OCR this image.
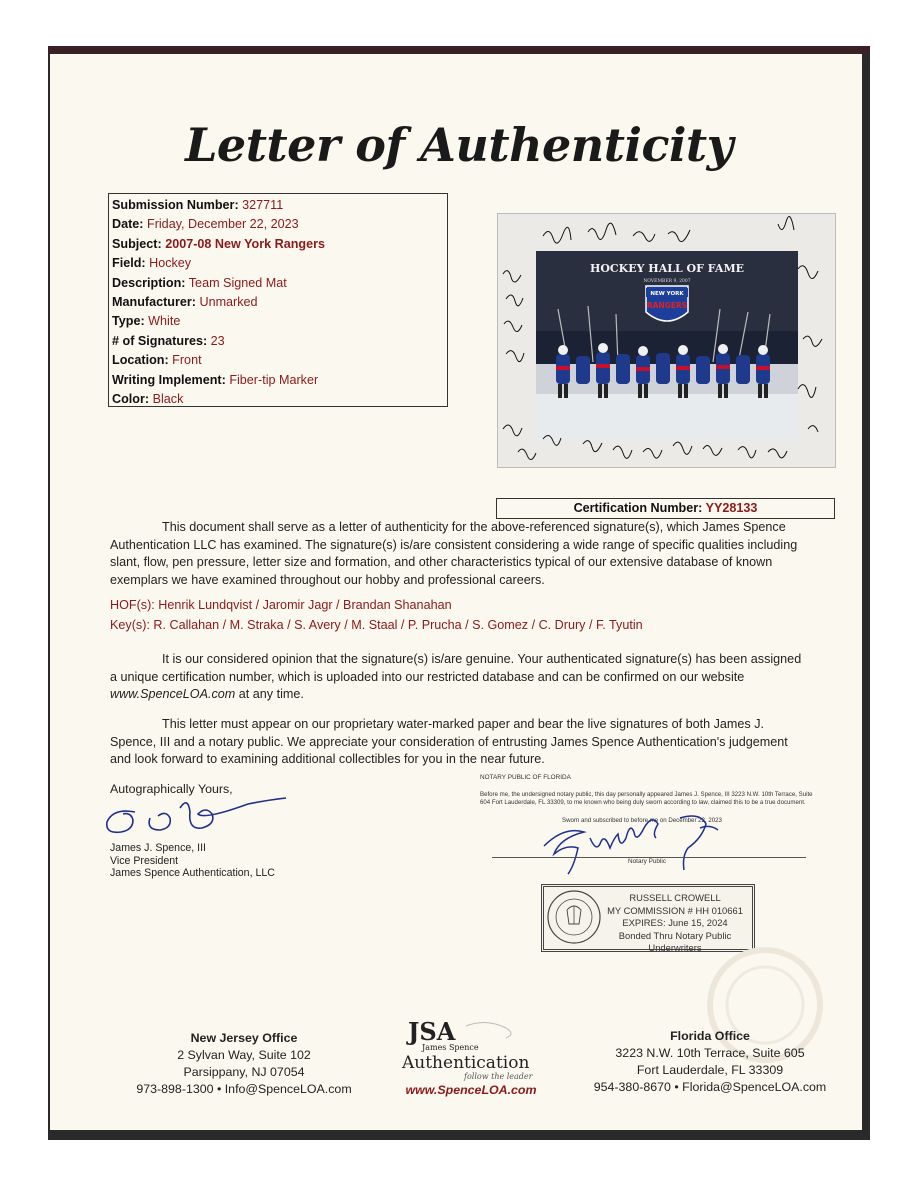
Letter of Authenticity
Submission Number: 327711
Date: Friday, December 22, 2023
Subject: 2007-08 New York Rangers
Field: Hockey
Description: Team Signed Mat
Manufacturer: Unmarked
Type: White
# of Signatures: 23
Location: Front
Writing Implement: Fiber-tip Marker
Color: Black
HOCKEY HALL OF FAME
NOVEMBER 9, 2007
NEW YORK
RANGERS
Certification Number: YY28133
This document shall serve as a letter of authenticity for the above-referenced signature(s), which James Spence Authentication LLC has examined. The signature(s) is/are consistent considering a wide range of specific qualities including slant, flow, pen pressure, letter size and formation, and other characteristics typical of our extensive database of known exemplars we have examined throughout our hobby and professional careers.
HOF(s): Henrik Lundqvist / Jaromir Jagr / Brandan Shanahan
Key(s): R. Callahan / M. Straka / S. Avery / M. Staal / P. Prucha / S. Gomez / C. Drury / F. Tyutin
It is our considered opinion that the signature(s) is/are genuine. Your authenticated signature(s) has been assigned a unique certification number, which is uploaded into our restricted database and can be confirmed on our website www.SpenceLOA.com at any time.
This letter must appear on our proprietary water-marked paper and bear the live signatures of both James J. Spence, III and a notary public. We appreciate your consideration of entrusting James Spence Authentication's judgement and look forward to examining additional collectibles for you in the near future.
Autographically Yours,
James J. Spence, III
Vice President
James Spence Authentication, LLC
NOTARY PUBLIC OF FLORIDA
Before me, the undersigned notary public, this day personally appeared James J. Spence, III 3223 N.W. 10th Terrace, Suite 604 Fort Lauderdale, FL 33309, to me known who being duly sworn according to law, claimed this to be a true document.
Sworn and subscribed to before me on December 22, 2023
Notary Public
RUSSELL CROWELL
MY COMMISSION # HH 010661
EXPIRES: June 15, 2024
Bonded Thru Notary Public Underwriters
New Jersey Office
2 Sylvan Way, Suite 102
Parsippany, NJ 07054
973-898-1300 • Info@SpenceLOA.com
JSA
James Spence
Authentication
follow the leader
www.SpenceLOA.com
Florida Office
3223 N.W. 10th Terrace, Suite 605
Fort Lauderdale, FL 33309
954-380-8670 • Florida@SpenceLOA.com
